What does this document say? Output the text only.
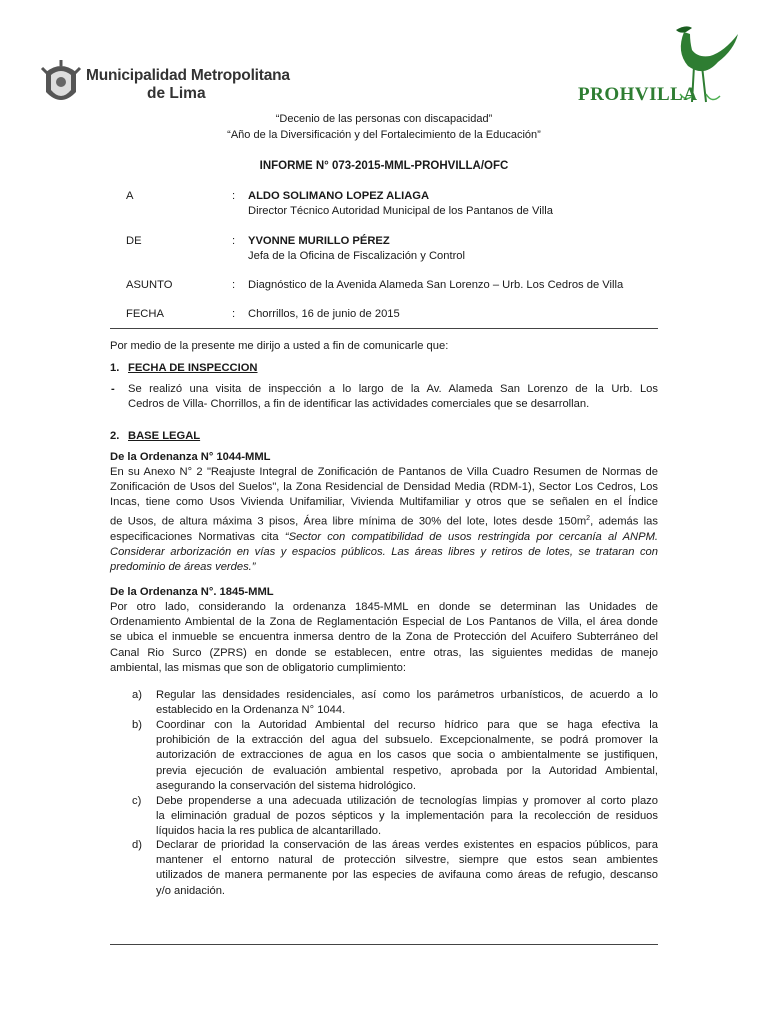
Municipalidad Metropolitana
de Lima	PROHVILLA
“Decenio de las personas con discapacidad”
“Año de la Diversificación y del Fortalecimiento de la Educación”
INFORME N° 073-2015-MML-PROHVILLA/OFC
A	: ALDO SOLIMANO LOPEZ ALIAGA
Director Técnico Autoridad Municipal de los Pantanos de Villa
DE	: YVONNE MURILLO PÉREZ
Jefa de la Oficina de Fiscalización y Control
ASUNTO	: Diagnóstico de la Avenida Alameda San Lorenzo – Urb. Los Cedros de Villa
FECHA	: Chorrillos, 16 de junio de 2015
Por medio de la presente me dirijo a usted a fin de comunicarle que:
1. FECHA DE INSPECCION
- Se realizó una visita de inspección a lo largo de la Av. Alameda San Lorenzo de la Urb. Los
Cedros de Villa- Chorrillos, a fin de identificar las actividades comerciales que se desarrollan.
2. BASE LEGAL
De la Ordenanza N° 1044-MML
En su Anexo N° 2 "Reajuste Integral de Zonificación de Pantanos de Villa Cuadro Resumen de Normas de
Zonificación de Usos del Suelos", la Zona Residencial de Densidad Media (RDM-1), Sector Los Cedros, Los
Incas, tiene como Usos Vivienda Unifamiliar, Vivienda Multifamiliar y otros que se señalen en el Índice
de Usos, de altura máxima 3 pisos, Área libre mínima de 30% del lote, lotes desde $150m^2$, además las
especificaciones Normativas cita “Sector con compatibilidad de usos restringida por cercanía al ANPM.
Considerar arborización en vías y espacios públicos. Las áreas libres y retiros de lotes, se trataran con
predominio de áreas verdes.”
De la Ordenanza N°. 1845-MML
Por otro lado, considerando la ordenanza 1845-MML en donde se determinan las Unidades de
Ordenamiento Ambiental de la Zona de Reglamentación Especial de Los Pantanos de Villa, el área donde
se ubica el inmueble se encuentra inmersa dentro de la Zona de Protección del Acuifero Subterráneo del
Canal Rio Surco (ZPRS) en donde se establecen, entre otras, las siguientes medidas de manejo
ambiental, las mismas que son de obligatorio cumplimiento:
a) Regular las densidades residenciales, así como los parámetros urbanísticos, de acuerdo a lo
establecido en la Ordenanza N° 1044.
b) Coordinar con la Autoridad Ambiental del recurso hídrico para que se haga efectiva la
prohibición de la extracción del agua del subsuelo. Excepcionalmente, se podrá promover la
autorización de extracciones de agua en los casos que socia o ambientalmente se justifiquen,
previa ejecución de evaluación ambiental respetivo, aprobada por la Autoridad Ambiental,
asegurando la conservación del sistema hidrológico.
c) Debe propenderse a una adecuada utilización de tecnologías limpias y promover al corto plazo
la eliminación gradual de pozos sépticos y la implementación para la recolección de residuos
líquidos hacia la res publica de alcantarillado.
d) Declarar de prioridad la conservación de las áreas verdes existentes en espacios públicos, para
mantener el entorno natural de protección silvestre, siempre que estos sean ambientes
utilizados de manera permanente por las especies de avifauna como áreas de refugio, descanso
y/o anidación.
